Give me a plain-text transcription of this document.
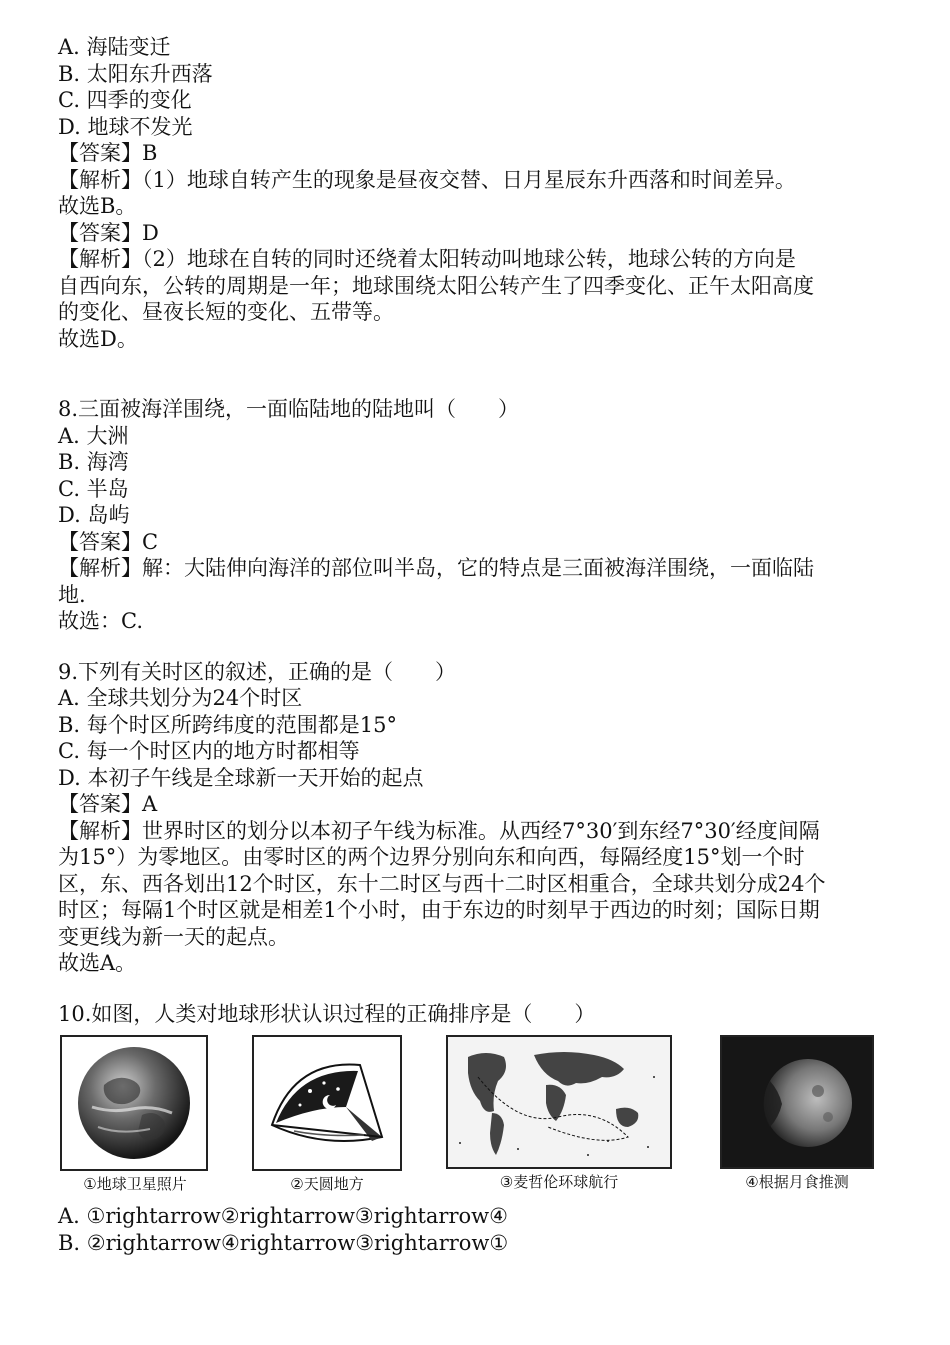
A. 海陆变迁
B. 太阳东升西落
C. 四季的变化
D. 地球不发光
【答案】B
【解析】（1）地球自转产生的现象是昼夜交替、日月星辰东升西落和时间差异。
故选B。
【答案】D
【解析】（2）地球在自转的同时还绕着太阳转动叫地球公转，地球公转的方向是
自西向东，公转的周期是一年；地球围绕太阳公转产生了四季变化、正午太阳高度
的变化、昼夜长短的变化、五带等。
故选D。
8.三面被海洋围绕，一面临陆地的陆地叫（　　）
A. 大洲
B. 海湾
C. 半岛
D. 岛屿
【答案】C
【解析】解：大陆伸向海洋的部位叫半岛，它的特点是三面被海洋围绕，一面临陆
地.
故选：C.
9.下列有关时区的叙述，正确的是（　　）
A. 全球共划分为24个时区
B. 每个时区所跨纬度的范围都是15°
C. 每一个时区内的地方时都相等
D. 本初子午线是全球新一天开始的起点
【答案】A
【解析】世界时区的划分以本初子午线为标准。从西经7°30′到东经7°30′经度间隔
为15°）为零地区。由零时区的两个边界分别向东和向西，每隔经度15°划一个时
区，东、西各划出12个时区，东十二时区与西十二时区相重合，全球共划分成24个
时区；每隔1个时区就是相差1个小时，由于东边的时刻早于西边的时刻；国际日期
变更线为新一天的起点。
故选A。
10.如图，人类对地球形状认识过程的正确排序是（　　）
①地球卫星照片	②天圆地方	③麦哲伦环球航行	④根据月食推测
A. ①rightarrow②rightarrow③rightarrow④
B. ②rightarrow④rightarrow③rightarrow①
